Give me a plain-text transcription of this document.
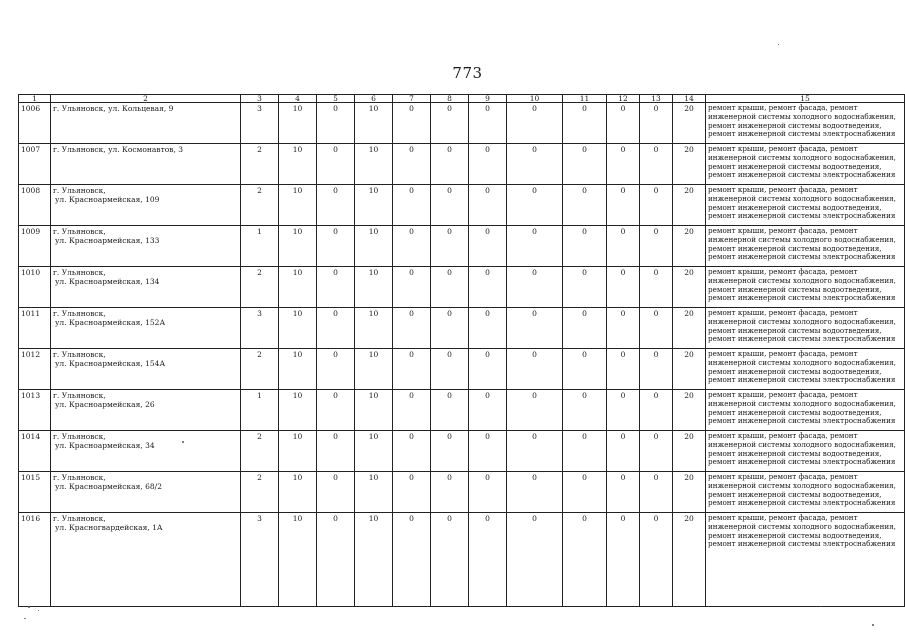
773
1	2	3	4	5	6	7	8	9	10	11	12	13	14	15
1006	г. Ульяновск, ул. Кольцевая, 9	3	10	0	10	0	0	0	0	0	0	0	20	ремонт крыши, ремонт фасада, ремонт
инженерной системы холодного водоснабжения,
ремонт инженерной системы водоотведения,
ремонт инженерной системы электроснабжения

1007	г. Ульяновск, ул. Космонавтов, 3	2	10	0	10	0	0	0	0	0	0	0	20	ремонт крыши, ремонт фасада, ремонт
инженерной системы холодного водоснабжения,
ремонт инженерной системы водоотведения,
ремонт инженерной системы электроснабжения

1008	г. Ульяновск,
ул. Красноармейская, 109	2	10	0	10	0	0	0	0	0	0	0	20	ремонт крыши, ремонт фасада, ремонт
инженерной системы холодного водоснабжения,
ремонт инженерной системы водоотведения,
ремонт инженерной системы электроснабжения

1009	г. Ульяновск,
ул. Красноармейская, 133	1	10	0	10	0	0	0	0	0	0	0	20	ремонт крыши, ремонт фасада, ремонт
инженерной системы холодного водоснабжения,
ремонт инженерной системы водоотведения,
ремонт инженерной системы электроснабжения

1010	г. Ульяновск,
ул. Красноармейская, 134	2	10	0	10	0	0	0	0	0	0	0	20	ремонт крыши, ремонт фасада, ремонт
инженерной системы холодного водоснабжения,
ремонт инженерной системы водоотведения,
ремонт инженерной системы электроснабжения

1011	г. Ульяновск,
ул. Красноармейская, 152А	3	10	0	10	0	0	0	0	0	0	0	20	ремонт крыши, ремонт фасада, ремонт
инженерной системы холодного водоснабжения,
ремонт инженерной системы водоотведения,
ремонт инженерной системы электроснабжения

1012	г. Ульяновск,
ул. Красноармейская, 154А	2	10	0	10	0	0	0	0	0	0	0	20	ремонт крыши, ремонт фасада, ремонт
инженерной системы холодного водоснабжения,
ремонт инженерной системы водоотведения,
ремонт инженерной системы электроснабжения

1013	г. Ульяновск,
ул. Красноармейская, 26	1	10	0	10	0	0	0	0	0	0	0	20	ремонт крыши, ремонт фасада, ремонт
инженерной системы холодного водоснабжения,
ремонт инженерной системы водоотведения,
ремонт инженерной системы электроснабжения

1014	г. Ульяновск,
ул. Красноармейская, 34	2	10	0	10	0	0	0	0	0	0	0	20	ремонт крыши, ремонт фасада, ремонт
инженерной системы холодного водоснабжения,
ремонт инженерной системы водоотведения,
ремонт инженерной системы электроснабжения

1015	г. Ульяновск,
ул. Красноармейская, 68/2	2	10	0	10	0	0	0	0	0	0	0	20	ремонт крыши, ремонт фасада, ремонт
инженерной системы холодного водоснабжения,
ремонт инженерной системы водоотведения,
ремонт инженерной системы электроснабжения

1016	г. Ульяновск,
ул. Красногвардейская, 1А	3	10	0	10	0	0	0	0	0	0	0	20	ремонт крыши, ремонт фасада, ремонт
инженерной системы холодного водоснабжения,
ремонт инженерной системы водоотведения,
ремонт инженерной системы электроснабжения
